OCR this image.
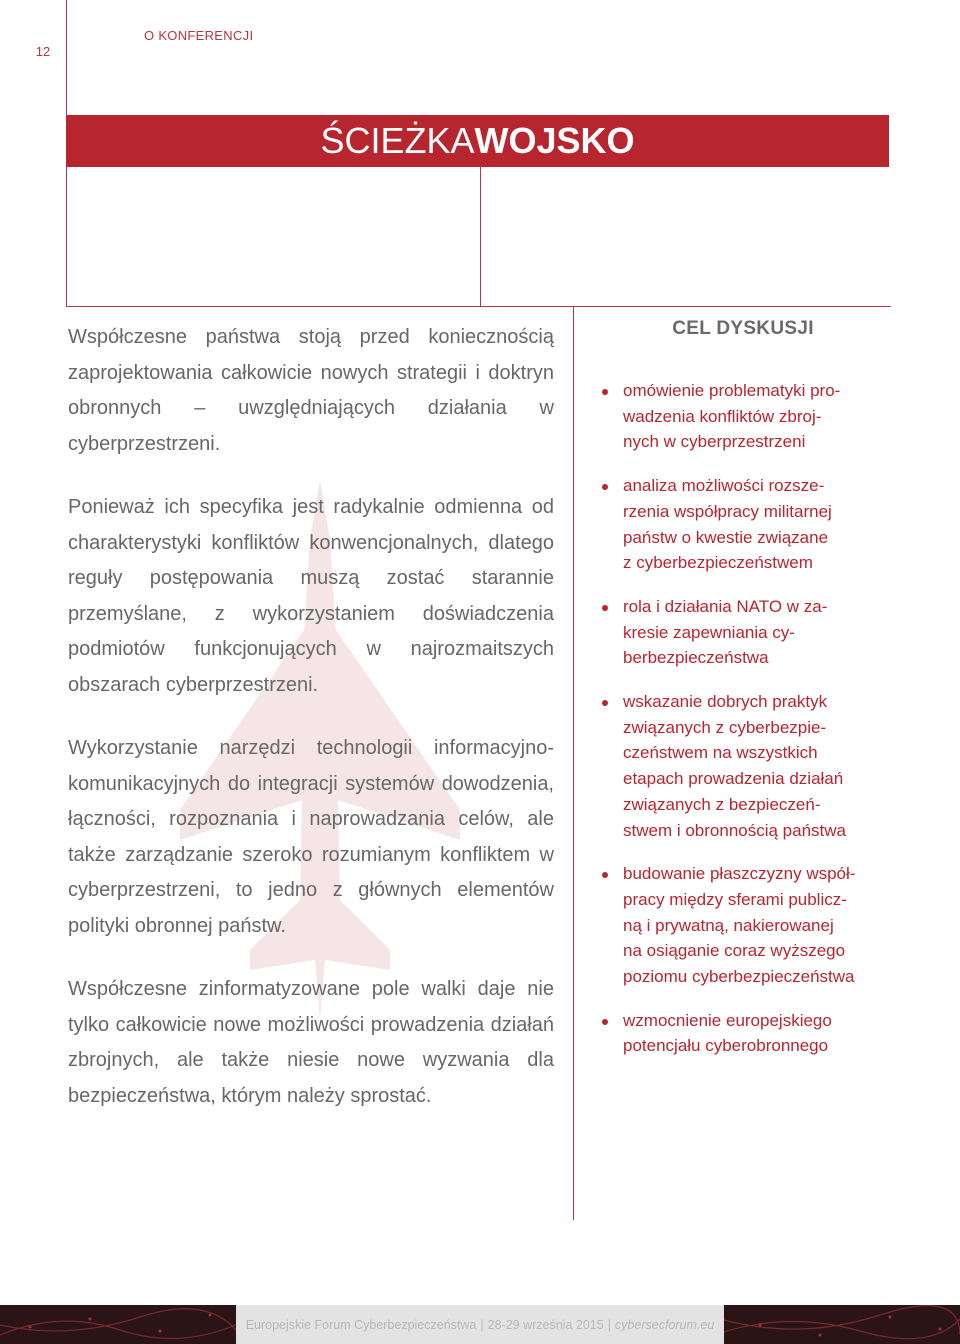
12
O KONFERENCJI
ŚCIEŻKA WOJSKO

Współczesne państwa stoją przed koniecznością zaprojektowania całkowicie nowych strategii i doktryn obronnych – uwzględniających działania w cyberprzestrzeni.

Ponieważ ich specyfika jest radykalnie odmienna od charakterystyki konfliktów konwencjonalnych, dlatego reguły postępowania muszą zostać starannie przemyślane, z wykorzystaniem doświadczenia podmiotów funkcjonujących w najrozmaitszych obszarach cyberprzestrzeni.

Wykorzystanie narzędzi technologii informacyjno-komunikacyjnych do integracji systemów dowodzenia, łączności, rozpoznania i naprowadzania celów, ale także zarządzanie szeroko rozumianym konfliktem w cyberprzestrzeni, to jedno z głównych elementów polityki obronnej państw.

Współczesne zinformatyzowane pole walki daje nie tylko całkowicie nowe możliwości prowadzenia działań zbrojnych, ale także niesie nowe wyzwania dla bezpieczeństwa, którym należy sprostać.

CEL DYSKUSJI
omówienie problematyki pro-
wadzenia konfliktów zbroj-
nych w cyberprzestrzeni
analiza możliwości rozsze-
rzenia współpracy militarnej
państw o kwestie związane
z cyberbezpieczeństwem
rola i działania NATO w za-
kresie zapewniania cy-
berbezpieczeństwa
wskazanie dobrych praktyk
związanych z cyberbezpie-
czeństwem na wszystkich
etapach prowadzenia działań
związanych z bezpieczeń-
stwem i obronnością państwa
budowanie płaszczyzny współ-
pracy między sferami publicz-
ną i prywatną, nakierowanej
na osiąganie coraz wyższego
poziomu cyberbezpieczeństwa
wzmocnienie europejskiego
potencjału cyberobronnego
Europejskie Forum Cyberbezpieczeństwa | 28-29 września 2015 | cybersecforum.eu
